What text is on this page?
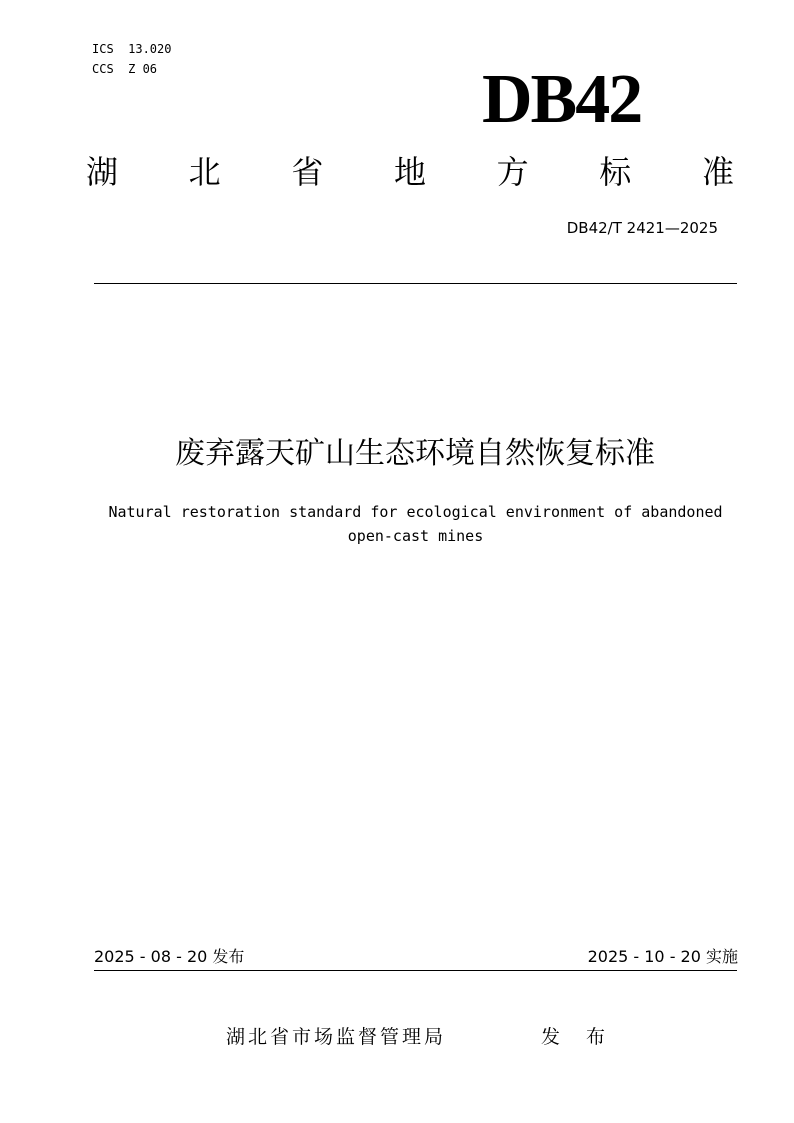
ICS  13.020
CCS  Z 06	DB42
湖 北 省 地 方 标 准
DB42/T 2421—2025
废弃露天矿山生态环境自然恢复标准
Natural restoration standard for ecological environment of abandoned
open-cast mines
2025 - 08 - 20 发布	2025 - 10 - 20 实施
湖北省市场监督管理局	发 布
